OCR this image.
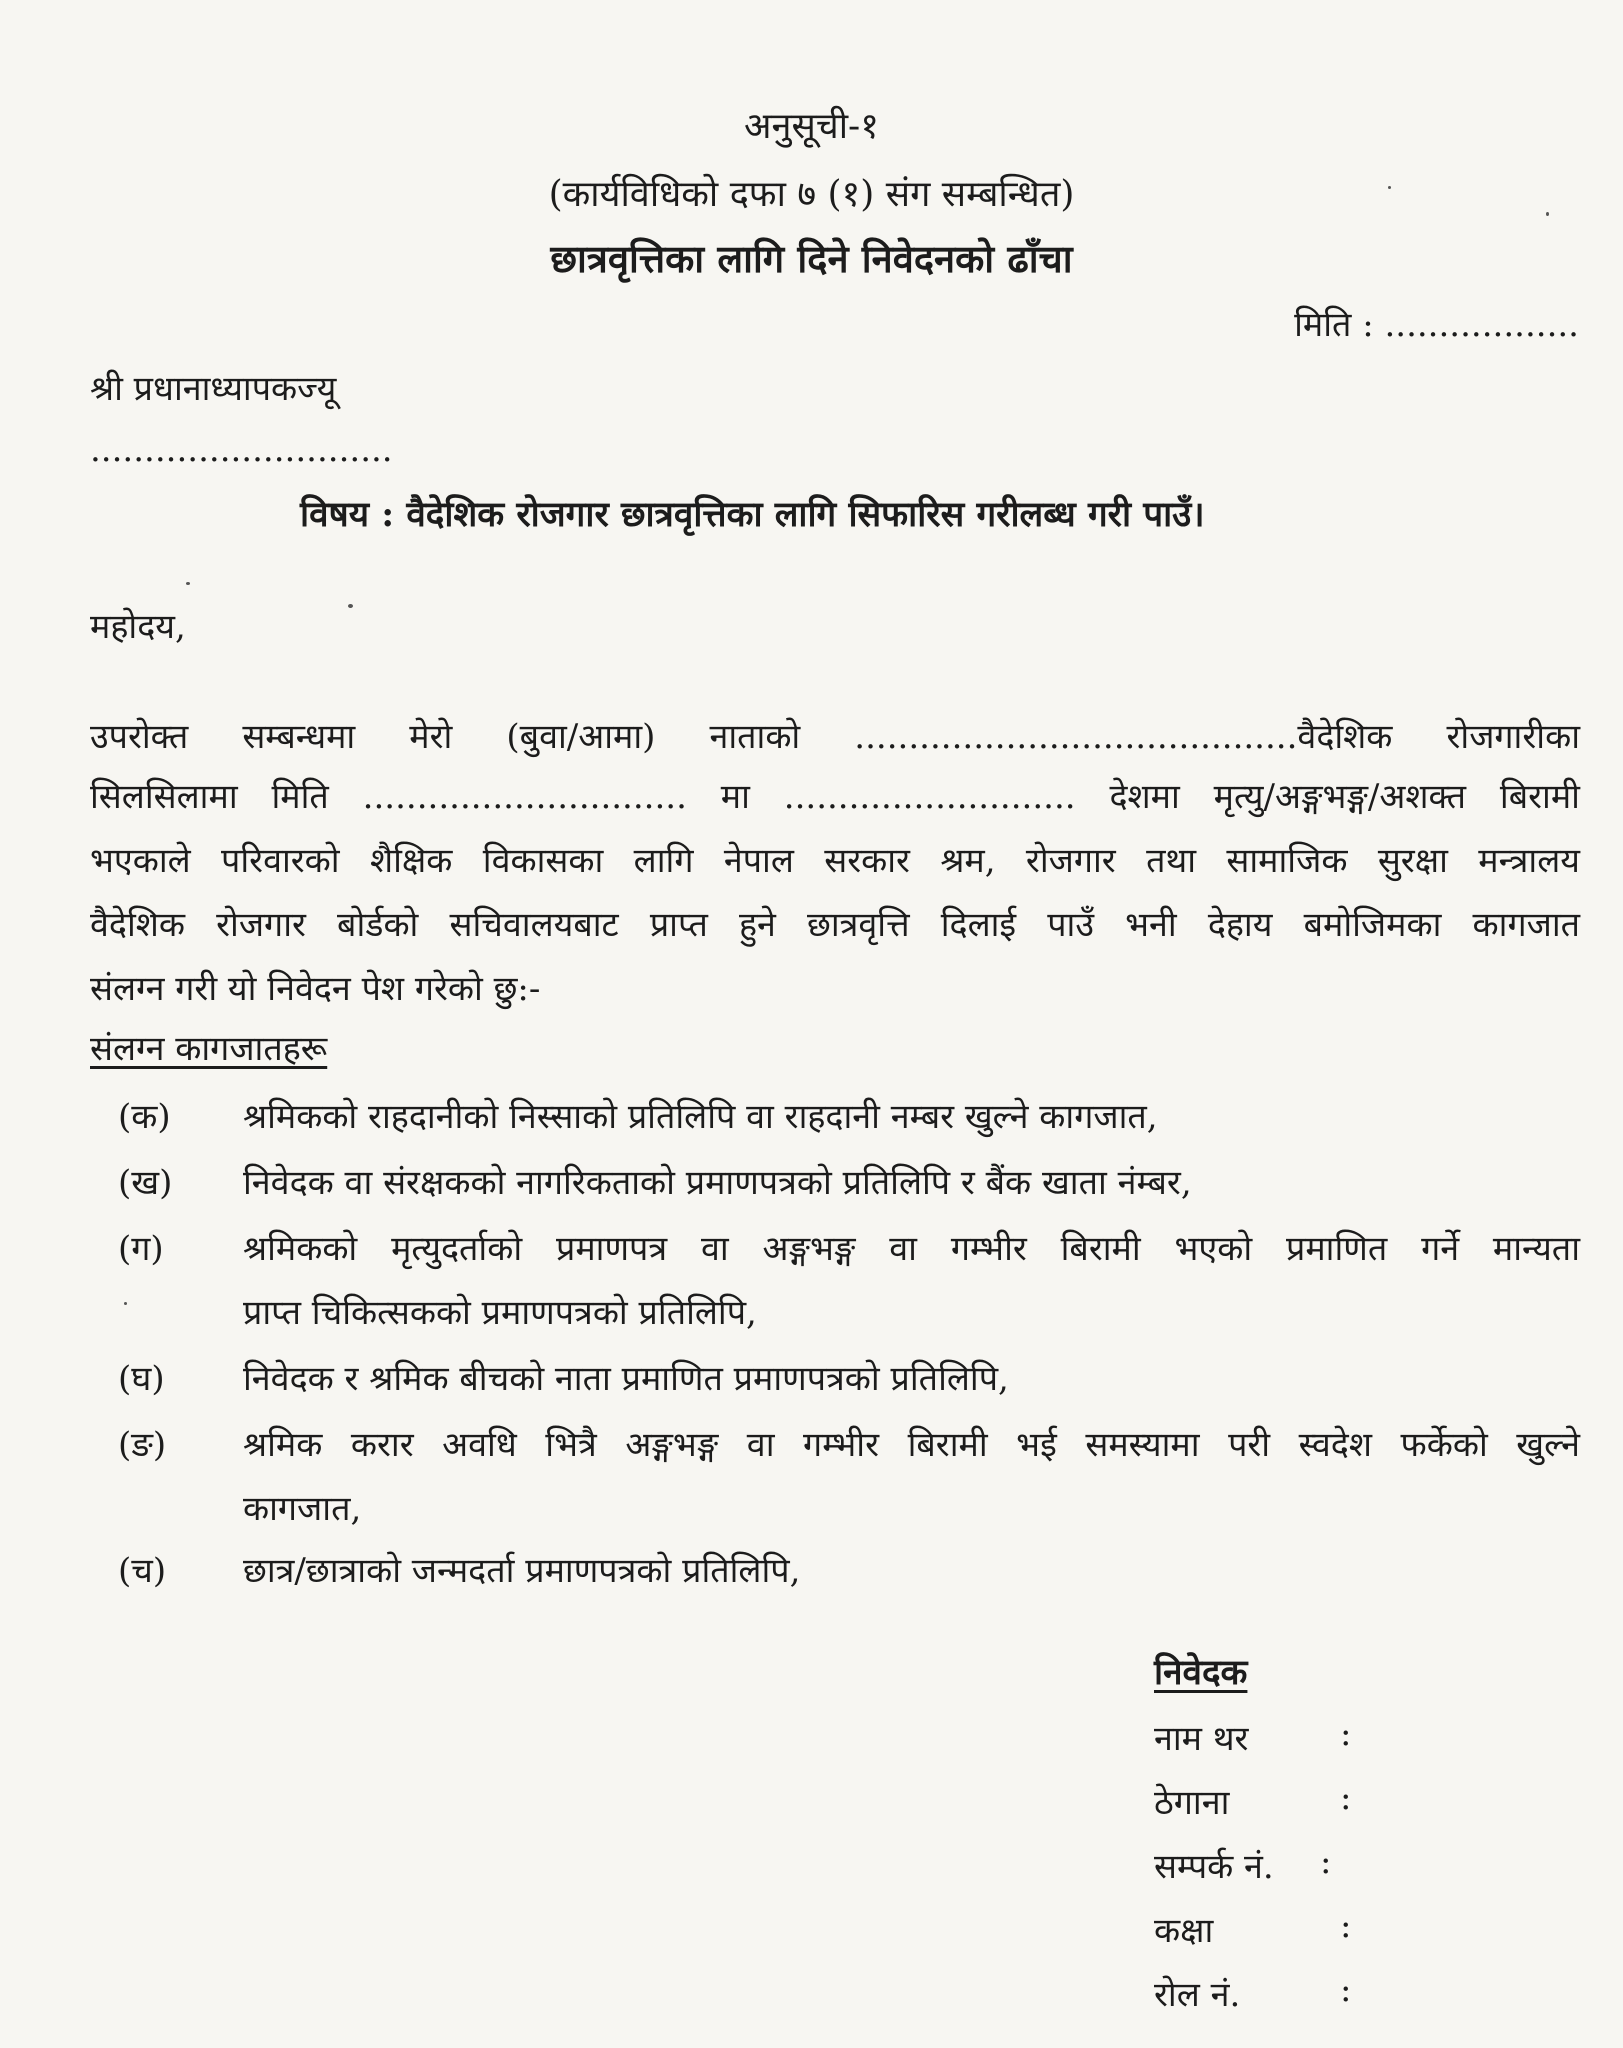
अनुसूची-१
(कार्यविधिको दफा ७ (१) संग सम्बन्धित)
छात्रवृत्तिका लागि दिने निवेदनको ढाँचा
मिति : ..................
श्री प्रधानाध्यापकज्यू
............................
विषय : वैदेशिक रोजगार छात्रवृत्तिका लागि सिफारिस गरीलब्ध गरी पाउँ।
महोदय,
उपरोक्त सम्बन्धमा मेरो (बुवा/आमा) नाताको .........................................वैदेशिक रोजगारीका
सिलसिलामा मिति .............................. मा ........................... देशमा मृत्यु/अङ्गभङ्ग/अशक्त बिरामी
भएकाले परिवारको शैक्षिक विकासका लागि नेपाल सरकार श्रम, रोजगार तथा सामाजिक सुरक्षा मन्त्रालय
वैदेशिक रोजगार बोर्डको सचिवालयबाट प्राप्त हुने छात्रवृत्ति दिलाई पाउँ भनी देहाय बमोजिमका कागजात
संलग्न गरी यो निवेदन पेश गरेको छु:-
संलग्न कागजातहरू
(क) श्रमिकको राहदानीको निस्साको प्रतिलिपि वा राहदानी नम्बर खुल्ने कागजात,
(ख) निवेदक वा संरक्षकको नागरिकताको प्रमाणपत्रको प्रतिलिपि र बैंक खाता नंम्बर,
(ग) श्रमिकको मृत्युदर्ताको प्रमाणपत्र वा अङ्गभङ्ग वा गम्भीर बिरामी भएको प्रमाणित गर्ने मान्यता
प्राप्त चिकित्सकको प्रमाणपत्रको प्रतिलिपि,
(घ) निवेदक र श्रमिक बीचको नाता प्रमाणित प्रमाणपत्रको प्रतिलिपि,
(ङ) श्रमिक करार अवधि भित्रै अङ्गभङ्ग वा गम्भीर बिरामी भई समस्यामा परी स्वदेश फर्केको खुल्ने
कागजात,
(च) छात्र/छात्राको जन्मदर्ता प्रमाणपत्रको प्रतिलिपि,
निवेदक
नाम थर	:
ठेगाना	:
सम्पर्क नं. :
कक्षा	:
रोल नं.	:
